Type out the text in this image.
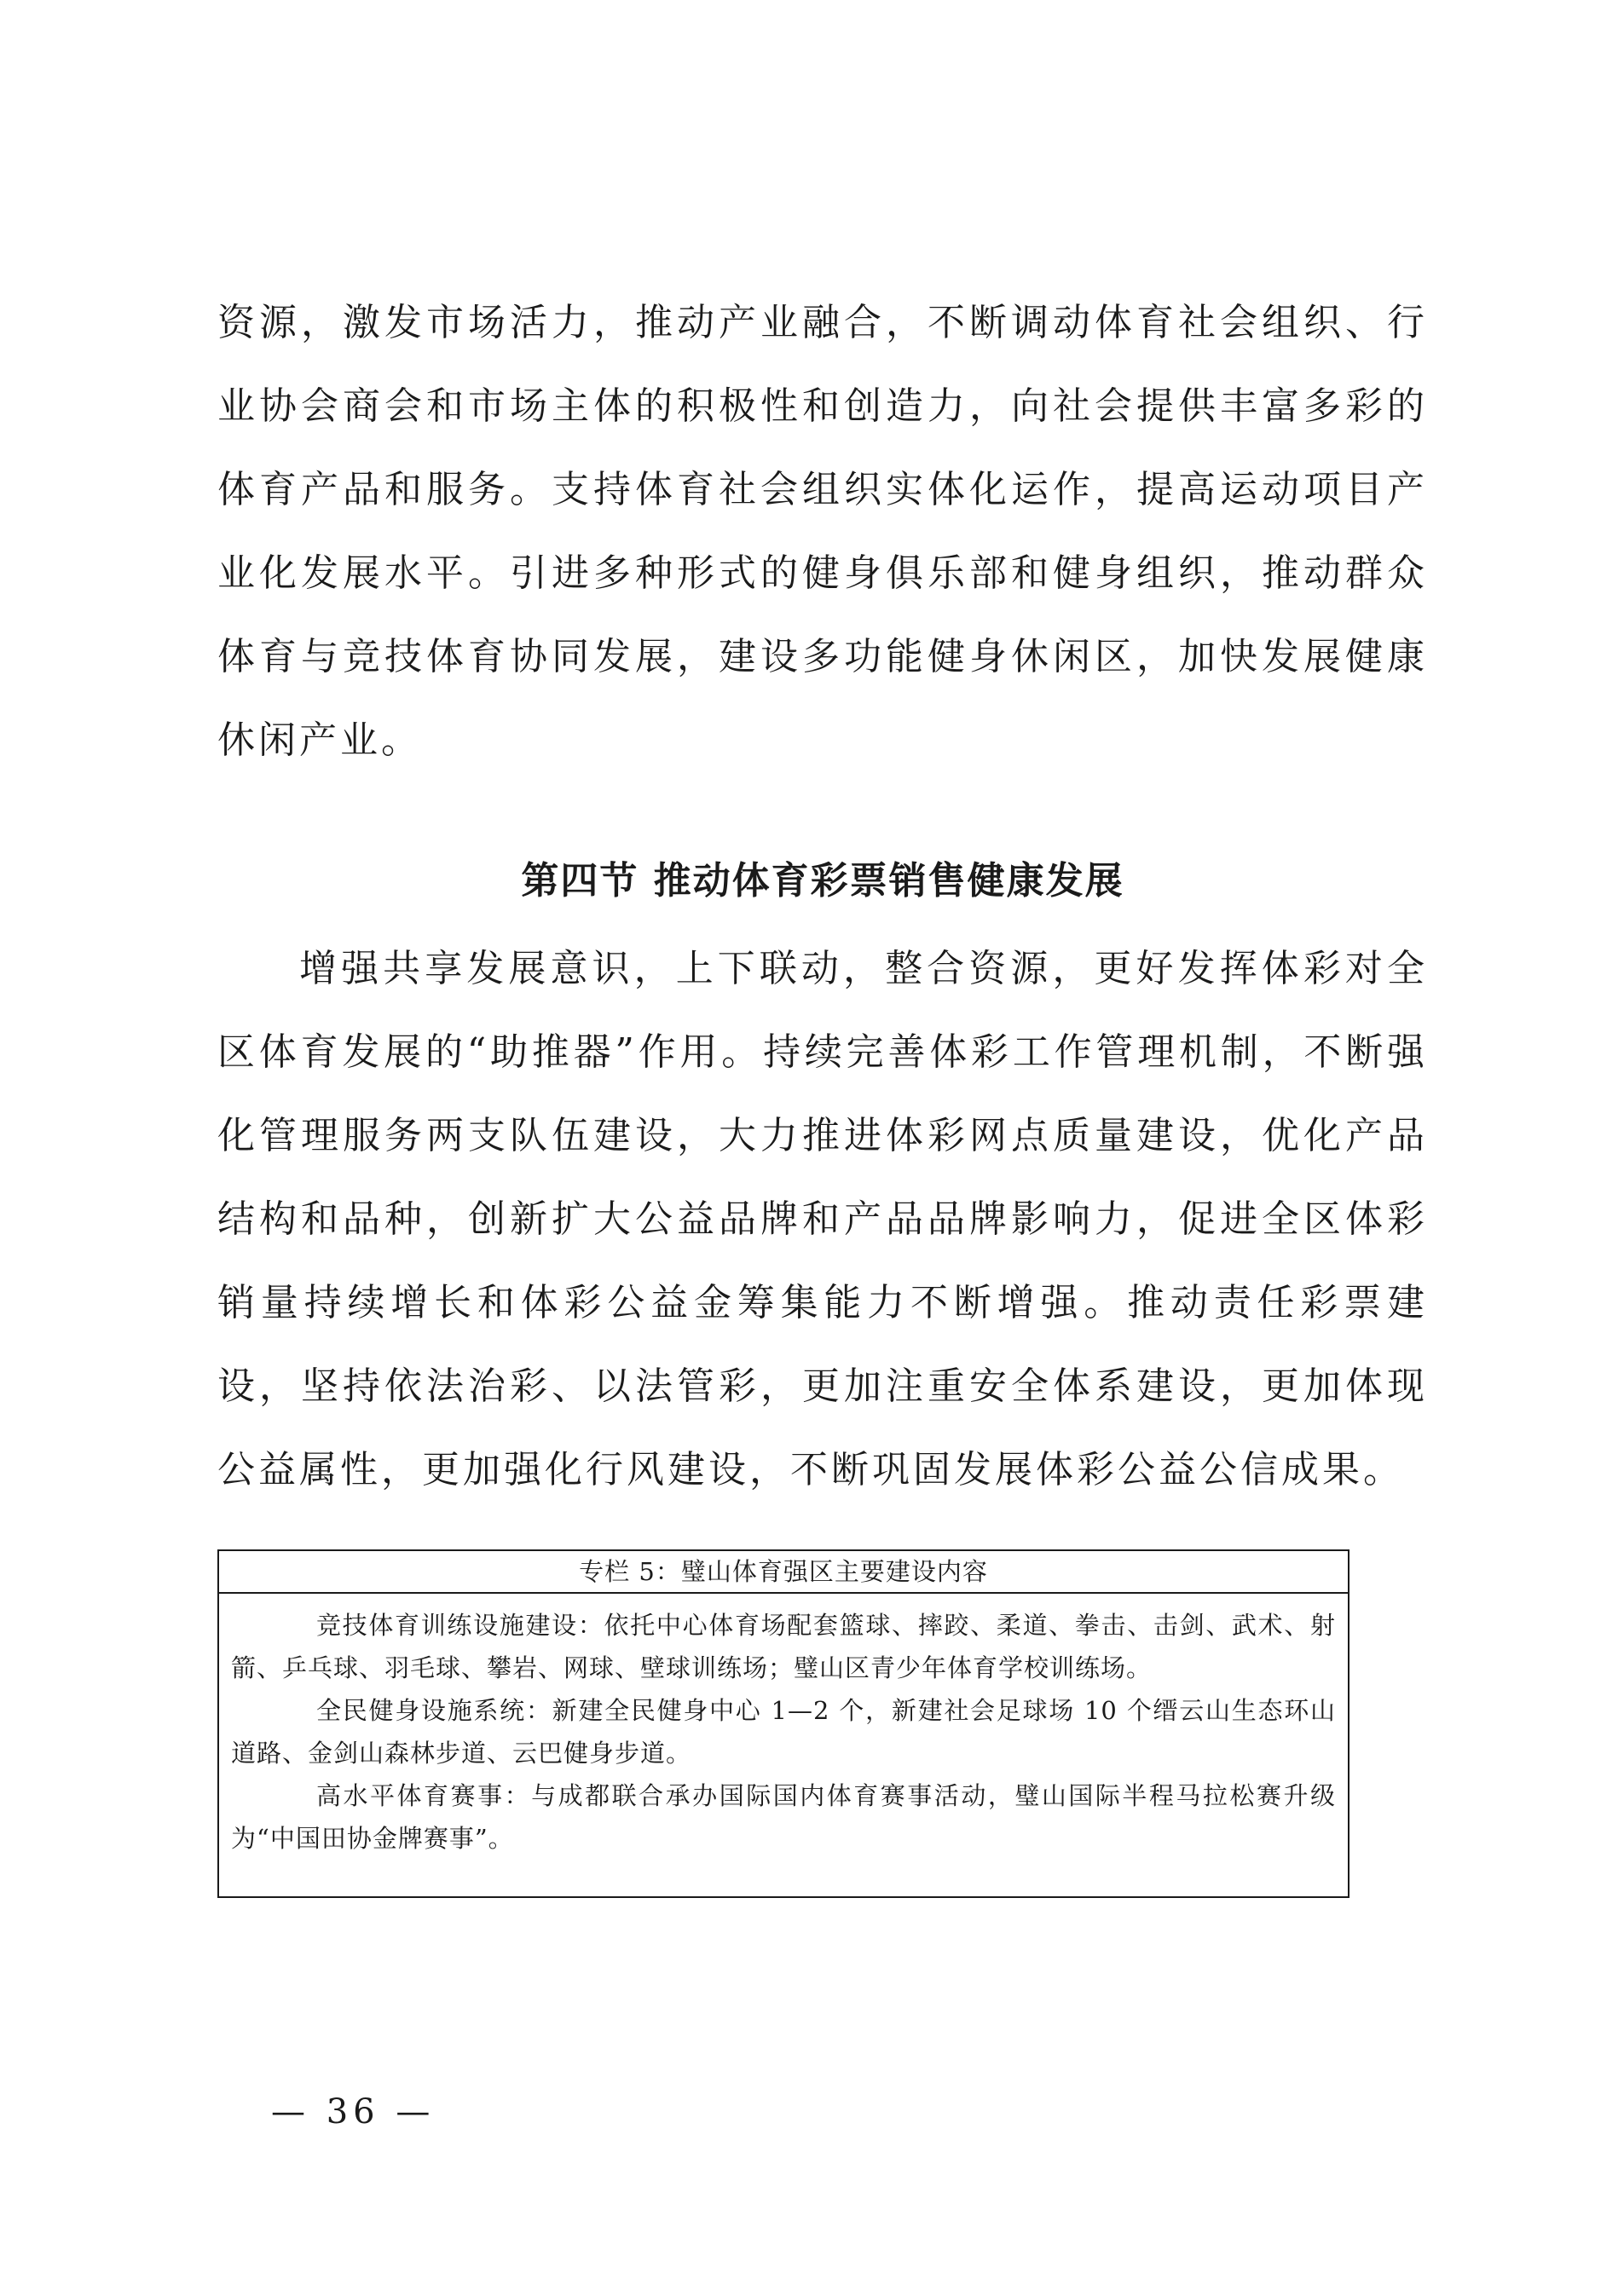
资源，激发市场活力，推动产业融合，不断调动体育社会组织、行业协会商会和市场主体的积极性和创造力，向社会提供丰富多彩的体育产品和服务。支持体育社会组织实体化运作，提高运动项目产业化发展水平。引进多种形式的健身俱乐部和健身组织，推动群众体育与竞技体育协同发展，建设多功能健身休闲区，加快发展健康休闲产业。

第四节 推动体育彩票销售健康发展

增强共享发展意识，上下联动，整合资源，更好发挥体彩对全区体育发展的“助推器”作用。持续完善体彩工作管理机制，不断强化管理服务两支队伍建设，大力推进体彩网点质量建设，优化产品结构和品种，创新扩大公益品牌和产品品牌影响力，促进全区体彩销量持续增长和体彩公益金筹集能力不断增强。推动责任彩票建设，坚持依法治彩、以法管彩，更加注重安全体系建设，更加体现公益属性，更加强化行风建设，不断巩固发展体彩公益公信成果。

专栏 5：璧山体育强区主要建设内容

竞技体育训练设施建设：依托中心体育场配套篮球、摔跤、柔道、拳击、击剑、武术、射箭、乒乓球、羽毛球、攀岩、网球、壁球训练场；璧山区青少年体育学校训练场。

全民健身设施系统：新建全民健身中心 1—2 个，新建社会足球场 10 个缙云山生态环山道路、金剑山森林步道、云巴健身步道。

高水平体育赛事：与成都联合承办国际国内体育赛事活动，璧山国际半程马拉松赛升级为“中国田协金牌赛事”。

— 36 —
